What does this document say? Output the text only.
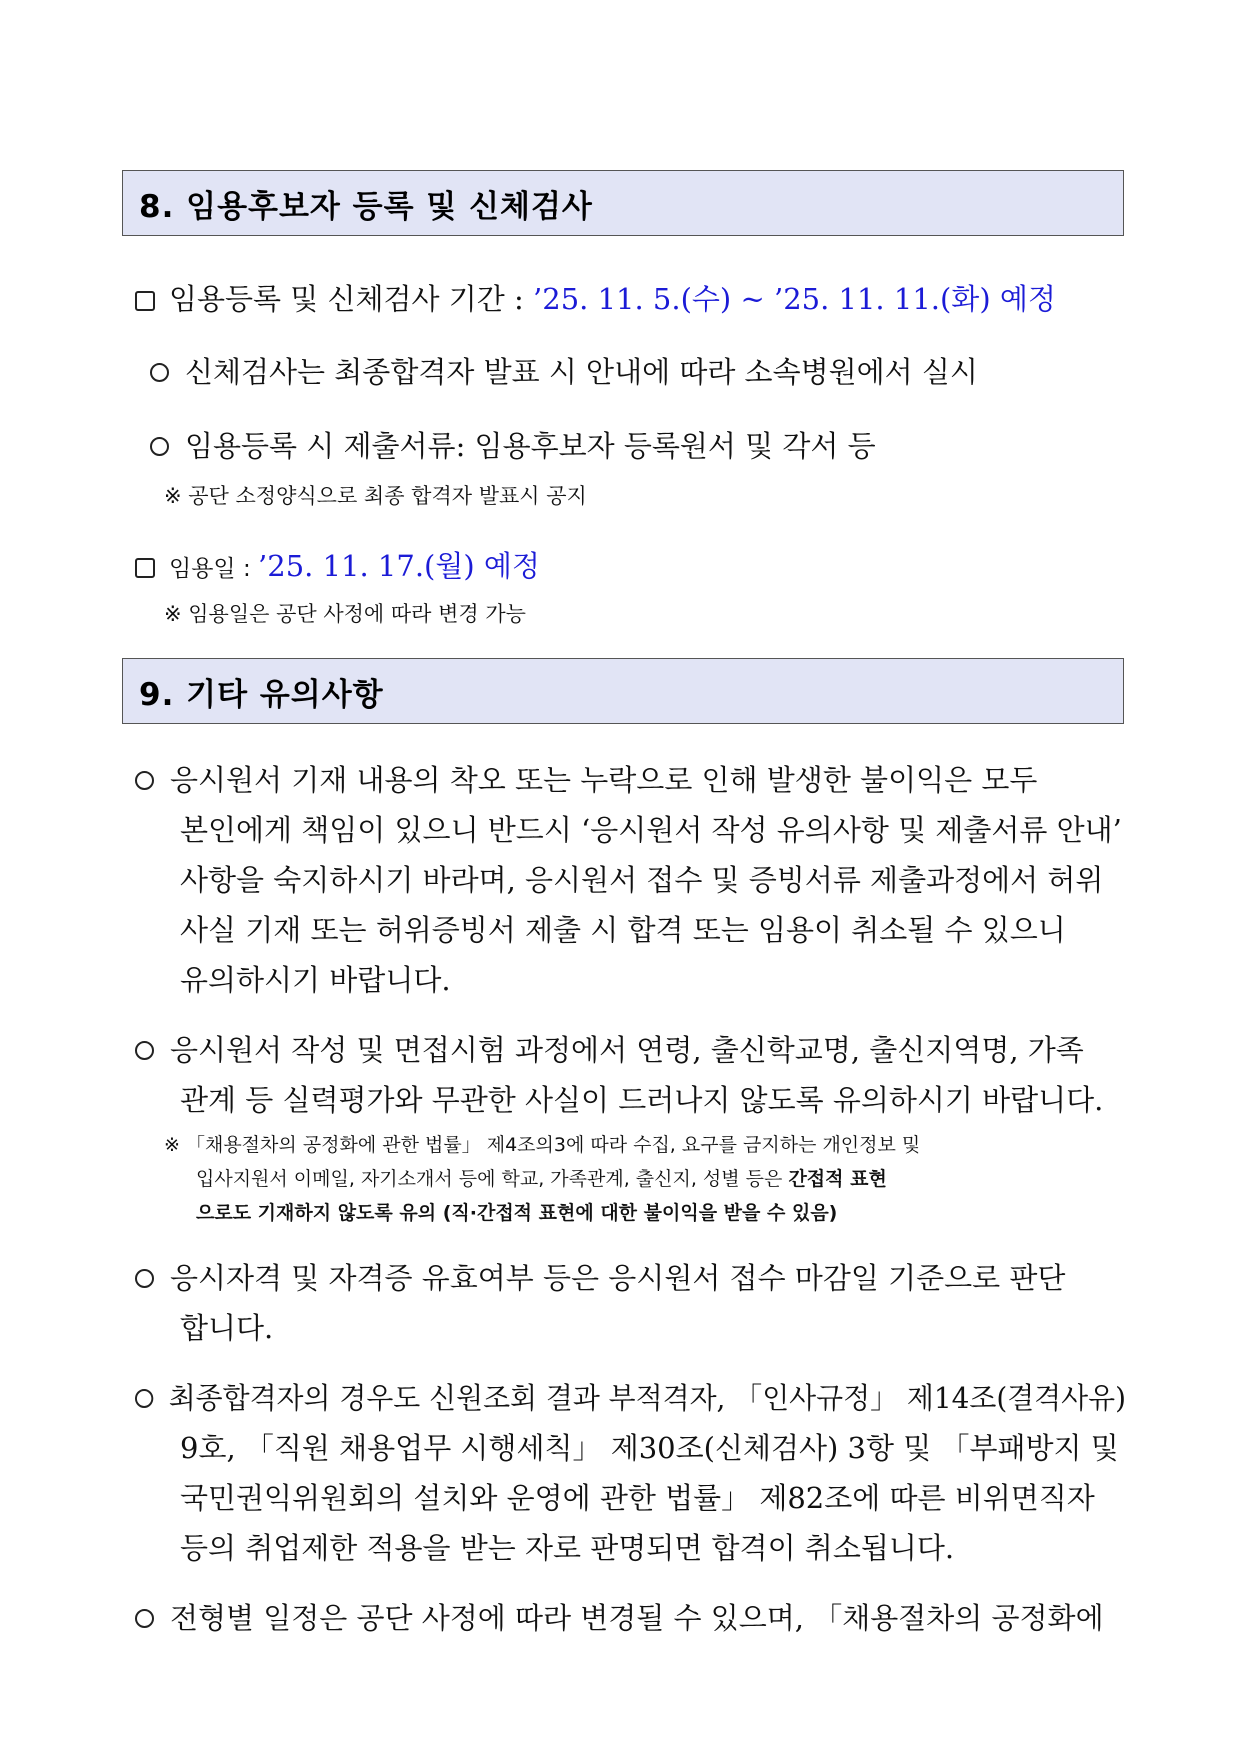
8. 임용후보자 등록 및 신체검사
임용등록 및 신체검사 기간 : ’25. 11. 5.(수) ~ ’25. 11. 11.(화) 예정
신체검사는 최종합격자 발표 시 안내에 따라 소속병원에서 실시
임용등록 시 제출서류: 임용후보자 등록원서 및 각서 등
※ 공단 소정양식으로 최종 합격자 발표시 공지
임용일 : ’25. 11. 17.(월) 예정
※ 임용일은 공단 사정에 따라 변경 가능
9. 기타 유의사항
응시원서 기재 내용의 착오 또는 누락으로 인해 발생한 불이익은 모두
본인에게 책임이 있으니 반드시 ‘응시원서 작성 유의사항 및 제출서류 안내’
사항을 숙지하시기 바라며, 응시원서 접수 및 증빙서류 제출과정에서 허위
사실 기재 또는 허위증빙서 제출 시 합격 또는 임용이 취소될 수 있으니
유의하시기 바랍니다.
응시원서 작성 및 면접시험 과정에서 연령, 출신학교명, 출신지역명, 가족
관계 등 실력평가와 무관한 사실이 드러나지 않도록 유의하시기 바랍니다.
※ 「채용절차의 공정화에 관한 법률」 제4조의3에 따라 수집, 요구를 금지하는 개인정보 및
입사지원서 이메일, 자기소개서 등에 학교, 가족관계, 출신지, 성별 등은 간접적 표현
으로도 기재하지 않도록 유의 (직·간접적 표현에 대한 불이익을 받을 수 있음)
응시자격 및 자격증 유효여부 등은 응시원서 접수 마감일 기준으로 판단
합니다.
최종합격자의 경우도 신원조회 결과 부적격자, 「인사규정」 제14조(결격사유)
9호, 「직원 채용업무 시행세칙」 제30조(신체검사) 3항 및 「부패방지 및
국민권익위원회의 설치와 운영에 관한 법률」 제82조에 따른 비위면직자
등의 취업제한 적용을 받는 자로 판명되면 합격이 취소됩니다.
전형별 일정은 공단 사정에 따라 변경될 수 있으며, 「채용절차의 공정화에
